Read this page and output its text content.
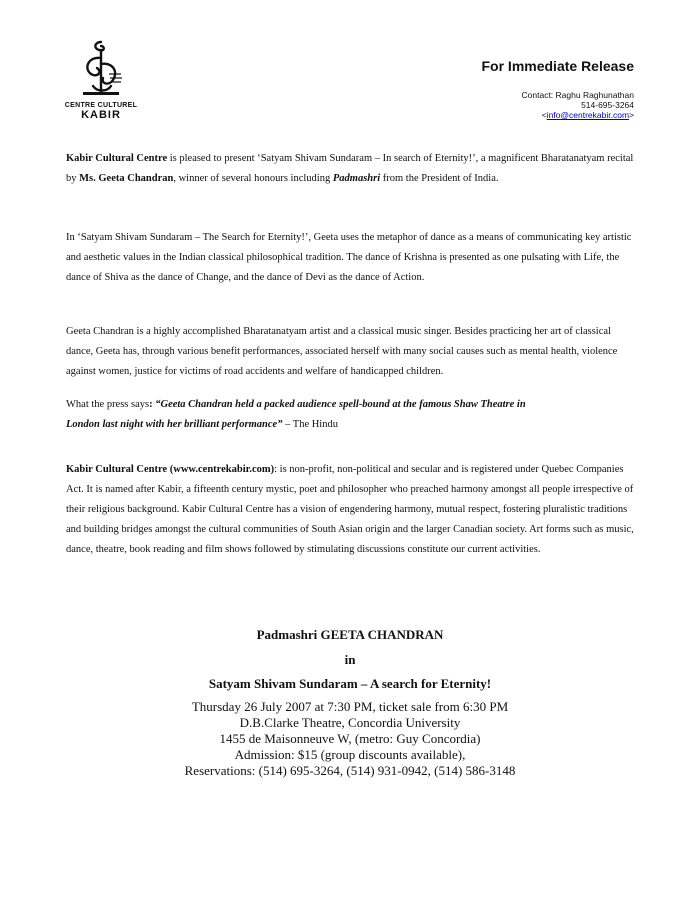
CENTRE CULTUREL
KABIR
For Immediate Release
Contact: Raghu Raghunathan
514-695-3264
<info@centrekabir.com>

Kabir Cultural Centre is pleased to present ‘Satyam Shivam Sundaram – In search of Eternity!’, a magnificent Bharatanatyam recital by Ms. Geeta Chandran, winner of several honours including Padmashri from the President of India.

In ‘Satyam Shivam Sundaram – The Search for Eternity!’, Geeta uses the metaphor of dance as a means of communicating key artistic and aesthetic values in the Indian classical philosophical tradition. The dance of Krishna is presented as one pulsating with Life, the dance of Shiva as the dance of Change, and the dance of Devi as the dance of Action.

Geeta Chandran is a highly accomplished Bharatanatyam artist and a classical music singer. Besides practicing her art of classical dance, Geeta has, through various benefit performances, associated herself with many social causes such as mental health, violence against women, justice for victims of road accidents and welfare of handicapped children.

What the press says: “Geeta Chandran held a packed audience spell-bound at the famous Shaw Theatre in
London last night with her brilliant performance” – The Hindu

Kabir Cultural Centre (www.centrekabir.com): is non-profit, non-political and secular and is registered under Quebec Companies Act. It is named after Kabir, a fifteenth century mystic, poet and philosopher who preached harmony amongst all people irrespective of their religious background. Kabir Cultural Centre has a vision of engendering harmony, mutual respect, fostering pluralistic traditions and building bridges amongst the cultural communities of South Asian origin and the larger Canadian society. Art forms such as music, dance, theatre, book reading and film shows followed by stimulating discussions constitute our current activities.

Padmashri GEETA CHANDRAN
in
Satyam Shivam Sundaram – A search for Eternity!
Thursday 26 July 2007 at 7:30 PM, ticket sale from 6:30 PM
D.B.Clarke Theatre, Concordia University
1455 de Maisonneuve W, (metro: Guy Concordia)
Admission: $15 (group discounts available),
Reservations: (514) 695-3264, (514) 931-0942, (514) 586-3148
